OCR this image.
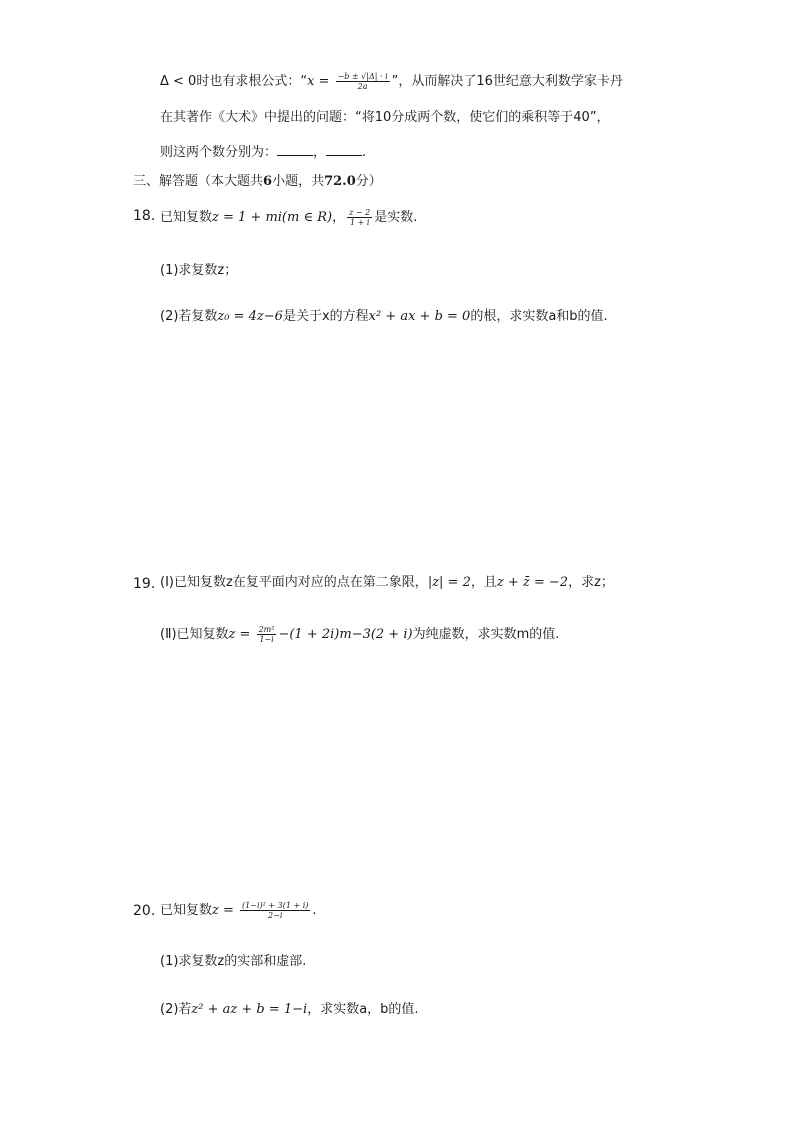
Δ < 0时也有求根公式：“$x = \frac{-b \pm √|\Delta| \cdot i}{2a}$ ”，从而解决了16世纪意大利数学家卡丹
在其著作《大术》中提出的问题：“将10分成两个数，使它们的乘积等于40”，
则这两个数分别为：	，	.
三、解答题（本大题共6小题，共72.0分）
18. 已知复数z = 1 + mi(m ∈ R)， $\frac{z - 2}{1 + i}$ 是实数.
(1)求复数z；
(2)若复数z₀ = 4z−6是关于x的方程x² + ax + b = 0的根，求实数a和b的值.
19. (Ⅰ)已知复数z在复平面内对应的点在第二象限，|z| = 2，且z + z̄ = −2，求z；
(Ⅱ)已知复数$z = \frac{\text{2m²}}{1-i} -(1 + 2i)m-3(2 + i)$为纯虚数，求实数m的值.
20. 已知复数$z = \frac{\text{(1−i)² + 3(1 + i)}}{2-i}$ .
(1)求复数z的实部和虚部.
(2)若z² + az + b = 1−i，求实数a，b的值.
